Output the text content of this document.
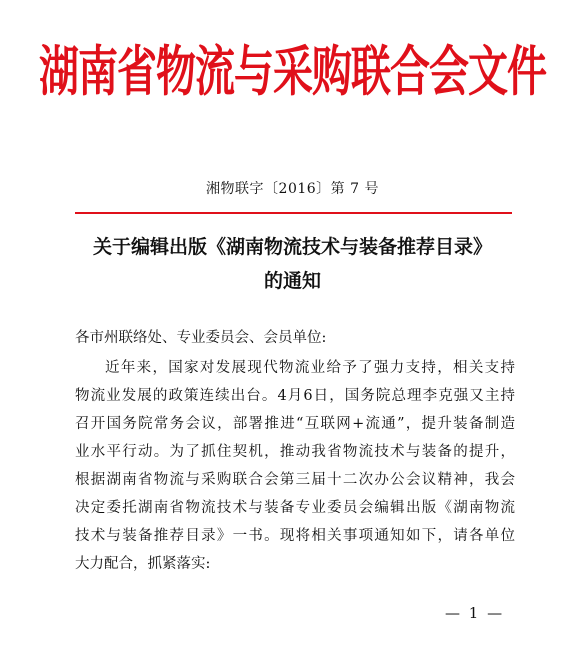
湖南省物流与采购联合会文件
湘物联字〔2016〕第 7 号
关于编辑出版《湖南物流技术与装备推荐目录》
的通知
各市州联络处、专业委员会、会员单位:
近年来，国家对发展现代物流业给予了强力支持，相关支持
物流业发展的政策连续出台。4月6日，国务院总理李克强又主持
召开国务院常务会议，部署推进“互联网+流通”，提升装备制造
业水平行动。为了抓住契机，推动我省物流技术与装备的提升，
根据湖南省物流与采购联合会第三届十二次办公会议精神，我会
决定委托湖南省物流技术与装备专业委员会编辑出版《湖南物流
技术与装备推荐目录》一书。现将相关事项通知如下，请各单位
大力配合，抓紧落实:
— 1 —
